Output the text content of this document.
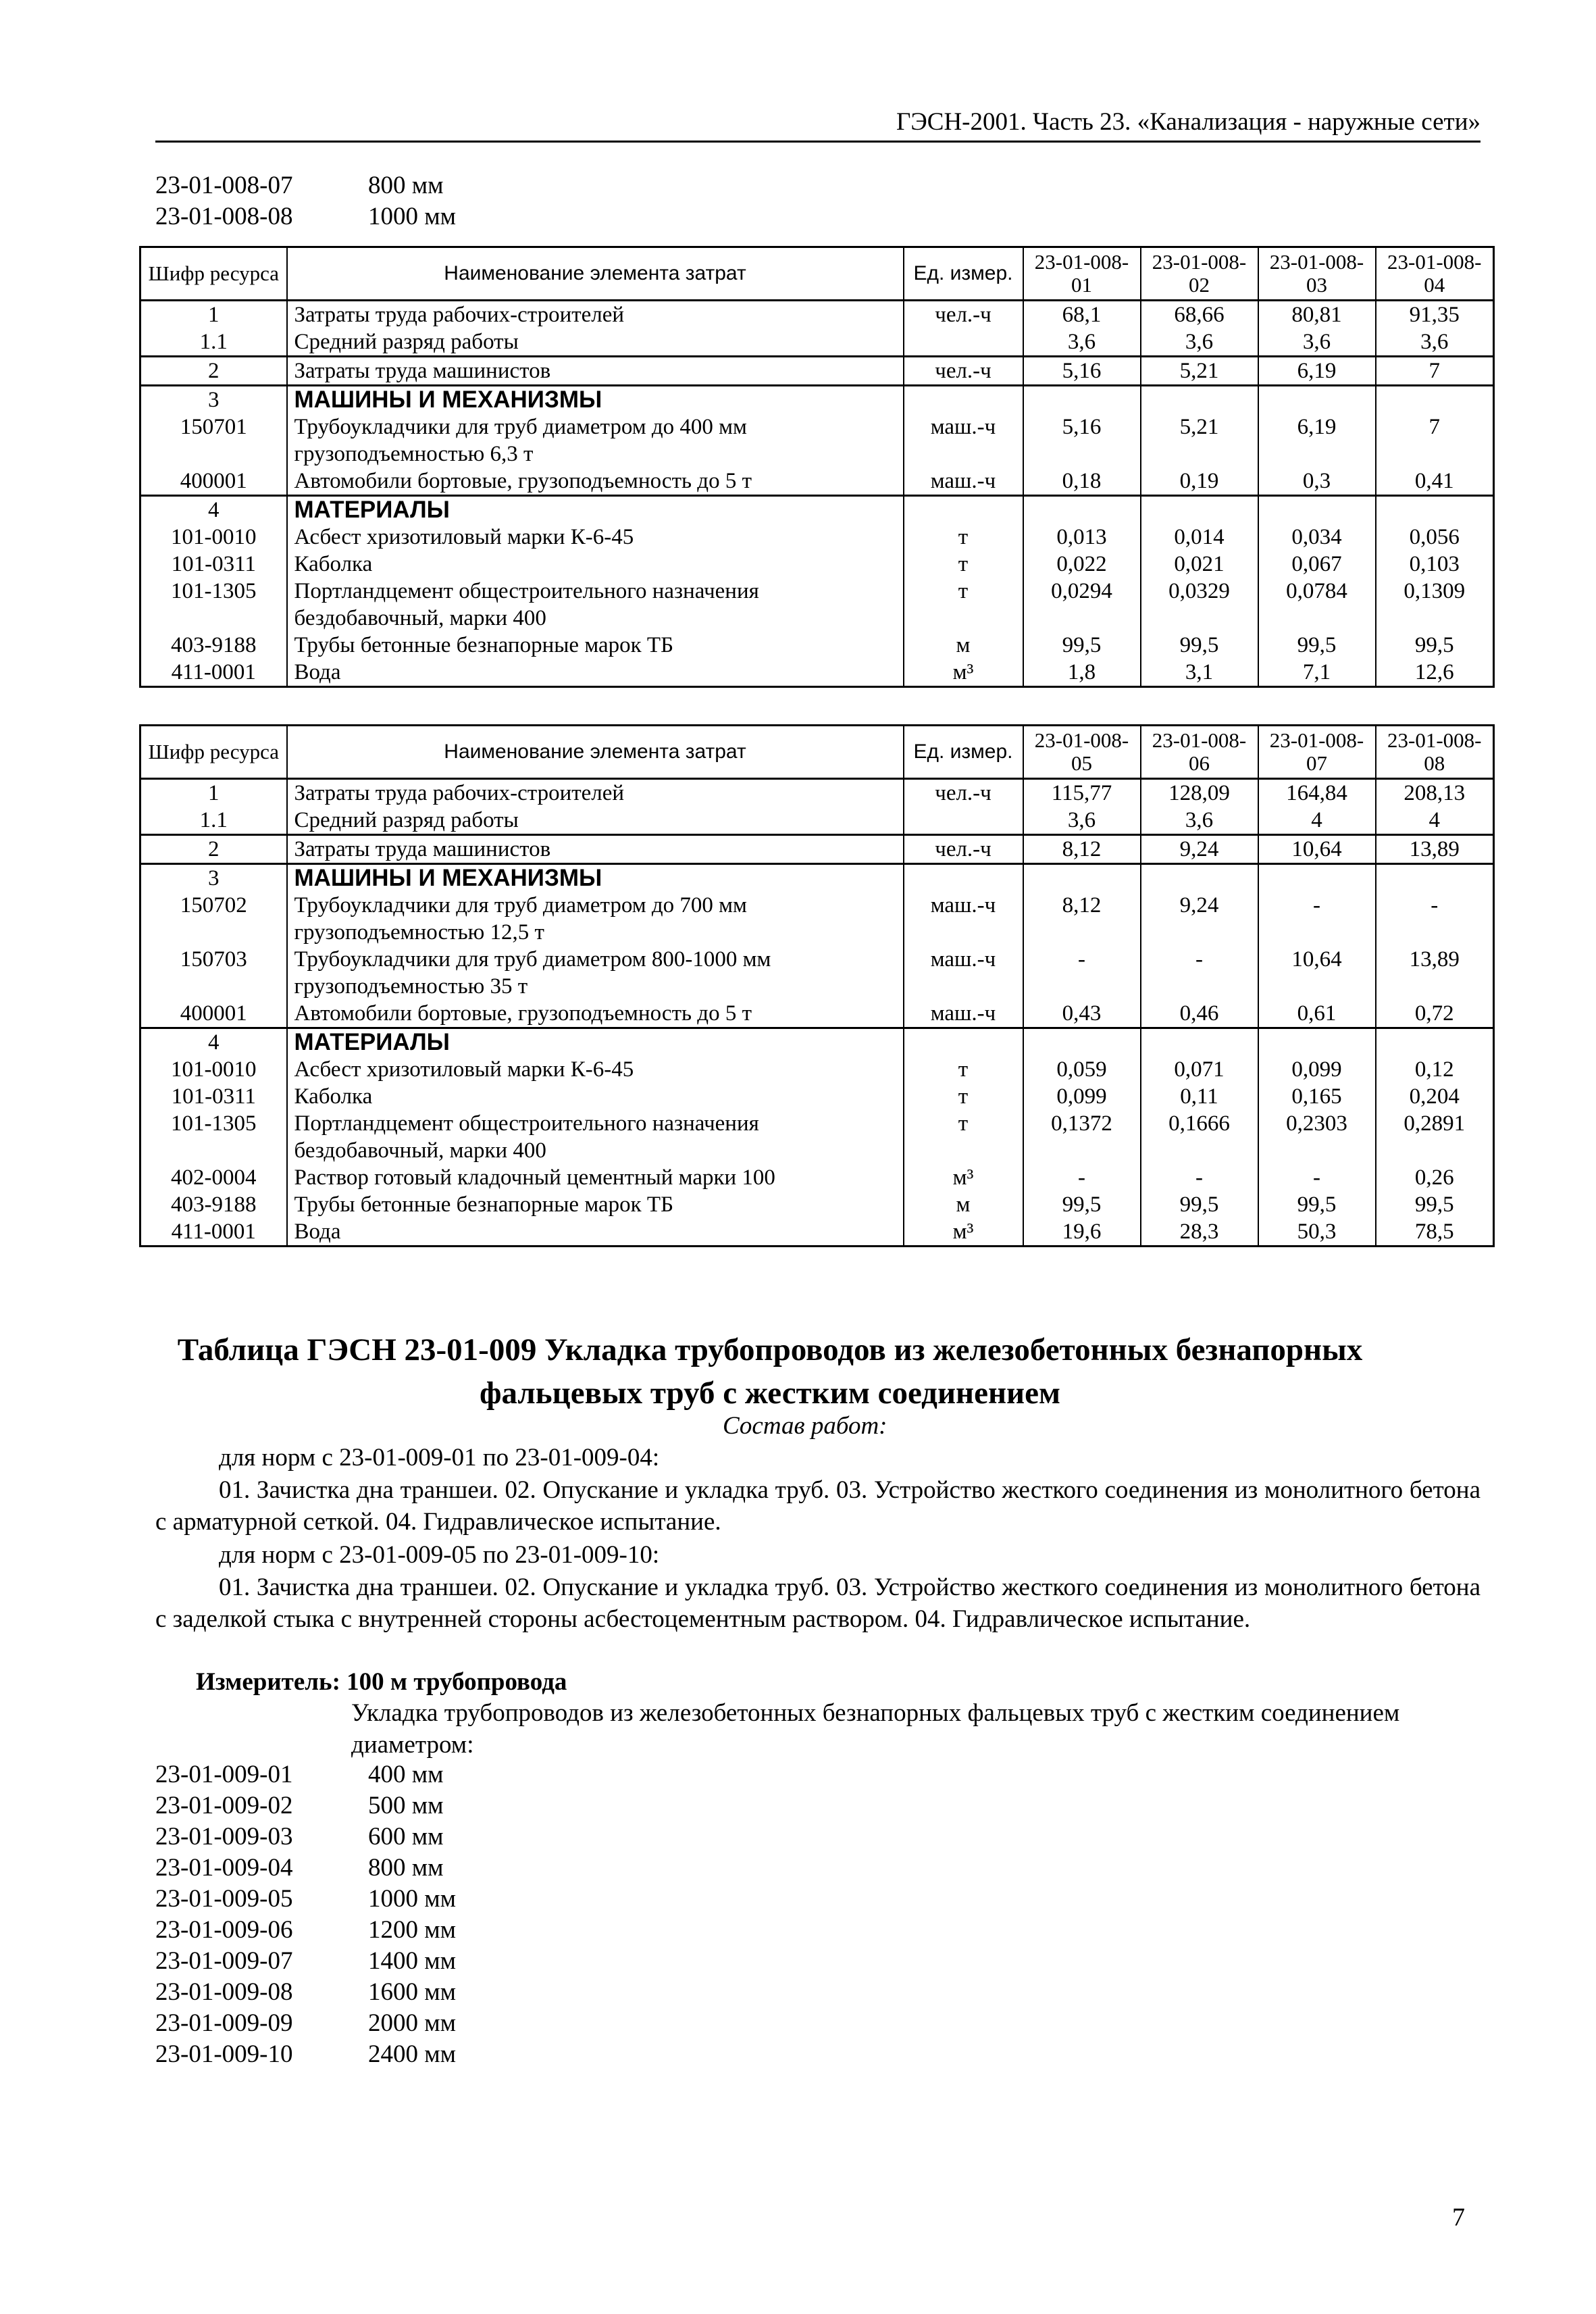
ГЭСН-2001. Часть 23. «Канализация - наружные сети»
23-01-008-07	800 мм
23-01-008-08	1000 мм
Шифр ресурса	Наименование элемента затрат	Ед. измер.	23-01-008-01	23-01-008-02	23-01-008-03	23-01-008-04
1	Затраты труда рабочих-строителей	чел.-ч	68,1	68,66	80,81	91,35
1.1	Средний разряд работы		3,6	3,6	3,6	3,6
2	Затраты труда машинистов	чел.-ч	5,16	5,21	6,19	7
3	МАШИНЫ И МЕХАНИЗМЫ					
150701	Трубоукладчики для труб диаметром до 400 мм грузоподъемностью 6,3 т	маш.-ч	5,16	5,21	6,19	7
400001	Автомобили бортовые, грузоподъемность до 5 т	маш.-ч	0,18	0,19	0,3	0,41
4	МАТЕРИАЛЫ					
101-0010	Асбест хризотиловый марки К-6-45	т	0,013	0,014	0,034	0,056
101-0311	Каболка	т	0,022	0,021	0,067	0,103
101-1305	Портландцемент общестроительного назначения бездобавочный, марки 400	т	0,0294	0,0329	0,0784	0,1309
403-9188	Трубы бетонные безнапорные марок ТБ	м	99,5	99,5	99,5	99,5
411-0001	Вода	м³	1,8	3,1	7,1	12,6
Шифр ресурса	Наименование элемента затрат	Ед. измер.	23-01-008-05	23-01-008-06	23-01-008-07	23-01-008-08
1	Затраты труда рабочих-строителей	чел.-ч	115,77	128,09	164,84	208,13
1.1	Средний разряд работы		3,6	3,6	4	4
2	Затраты труда машинистов	чел.-ч	8,12	9,24	10,64	13,89
3	МАШИНЫ И МЕХАНИЗМЫ					
150702	Трубоукладчики для труб диаметром до 700 мм грузоподъемностью 12,5 т	маш.-ч	8,12	9,24	-	-
150703	Трубоукладчики для труб диаметром 800-1000 мм грузоподъемностью 35 т	маш.-ч	-	-	10,64	13,89
400001	Автомобили бортовые, грузоподъемность до 5 т	маш.-ч	0,43	0,46	0,61	0,72
4	МАТЕРИАЛЫ					
101-0010	Асбест хризотиловый марки К-6-45	т	0,059	0,071	0,099	0,12
101-0311	Каболка	т	0,099	0,11	0,165	0,204
101-1305	Портландцемент общестроительного назначения бездобавочный, марки 400	т	0,1372	0,1666	0,2303	0,2891
402-0004	Раствор готовый кладочный цементный марки 100	м³	-	-	-	0,26
403-9188	Трубы бетонные безнапорные марок ТБ	м	99,5	99,5	99,5	99,5
411-0001	Вода	м³	19,6	28,3	50,3	78,5
Таблица ГЭСН 23-01-009 Укладка трубопроводов из железобетонных безнапорных
фальцевых труб с жестким соединением
Состав работ:
для норм с 23-01-009-01 по 23-01-009-04:
01. Зачистка дна траншеи. 02. Опускание и укладка труб. 03. Устройство жесткого соединения из монолитного бетона с арматурной сеткой. 04. Гидравлическое испытание.
для норм с 23-01-009-05 по 23-01-009-10:
01. Зачистка дна траншеи. 02. Опускание и укладка труб. 03. Устройство жесткого соединения из монолитного бетона с заделкой стыка с внутренней стороны асбестоцементным раствором. 04. Гидравлическое испытание.
Измеритель: 100 м трубопровода
Укладка трубопроводов из железобетонных безнапорных фальцевых труб с жестким соединением диаметром:
23-01-009-01	400 мм
23-01-009-02	500 мм
23-01-009-03	600 мм
23-01-009-04	800 мм
23-01-009-05	1000 мм
23-01-009-06	1200 мм
23-01-009-07	1400 мм
23-01-009-08	1600 мм
23-01-009-09	2000 мм
23-01-009-10	2400 мм
7
